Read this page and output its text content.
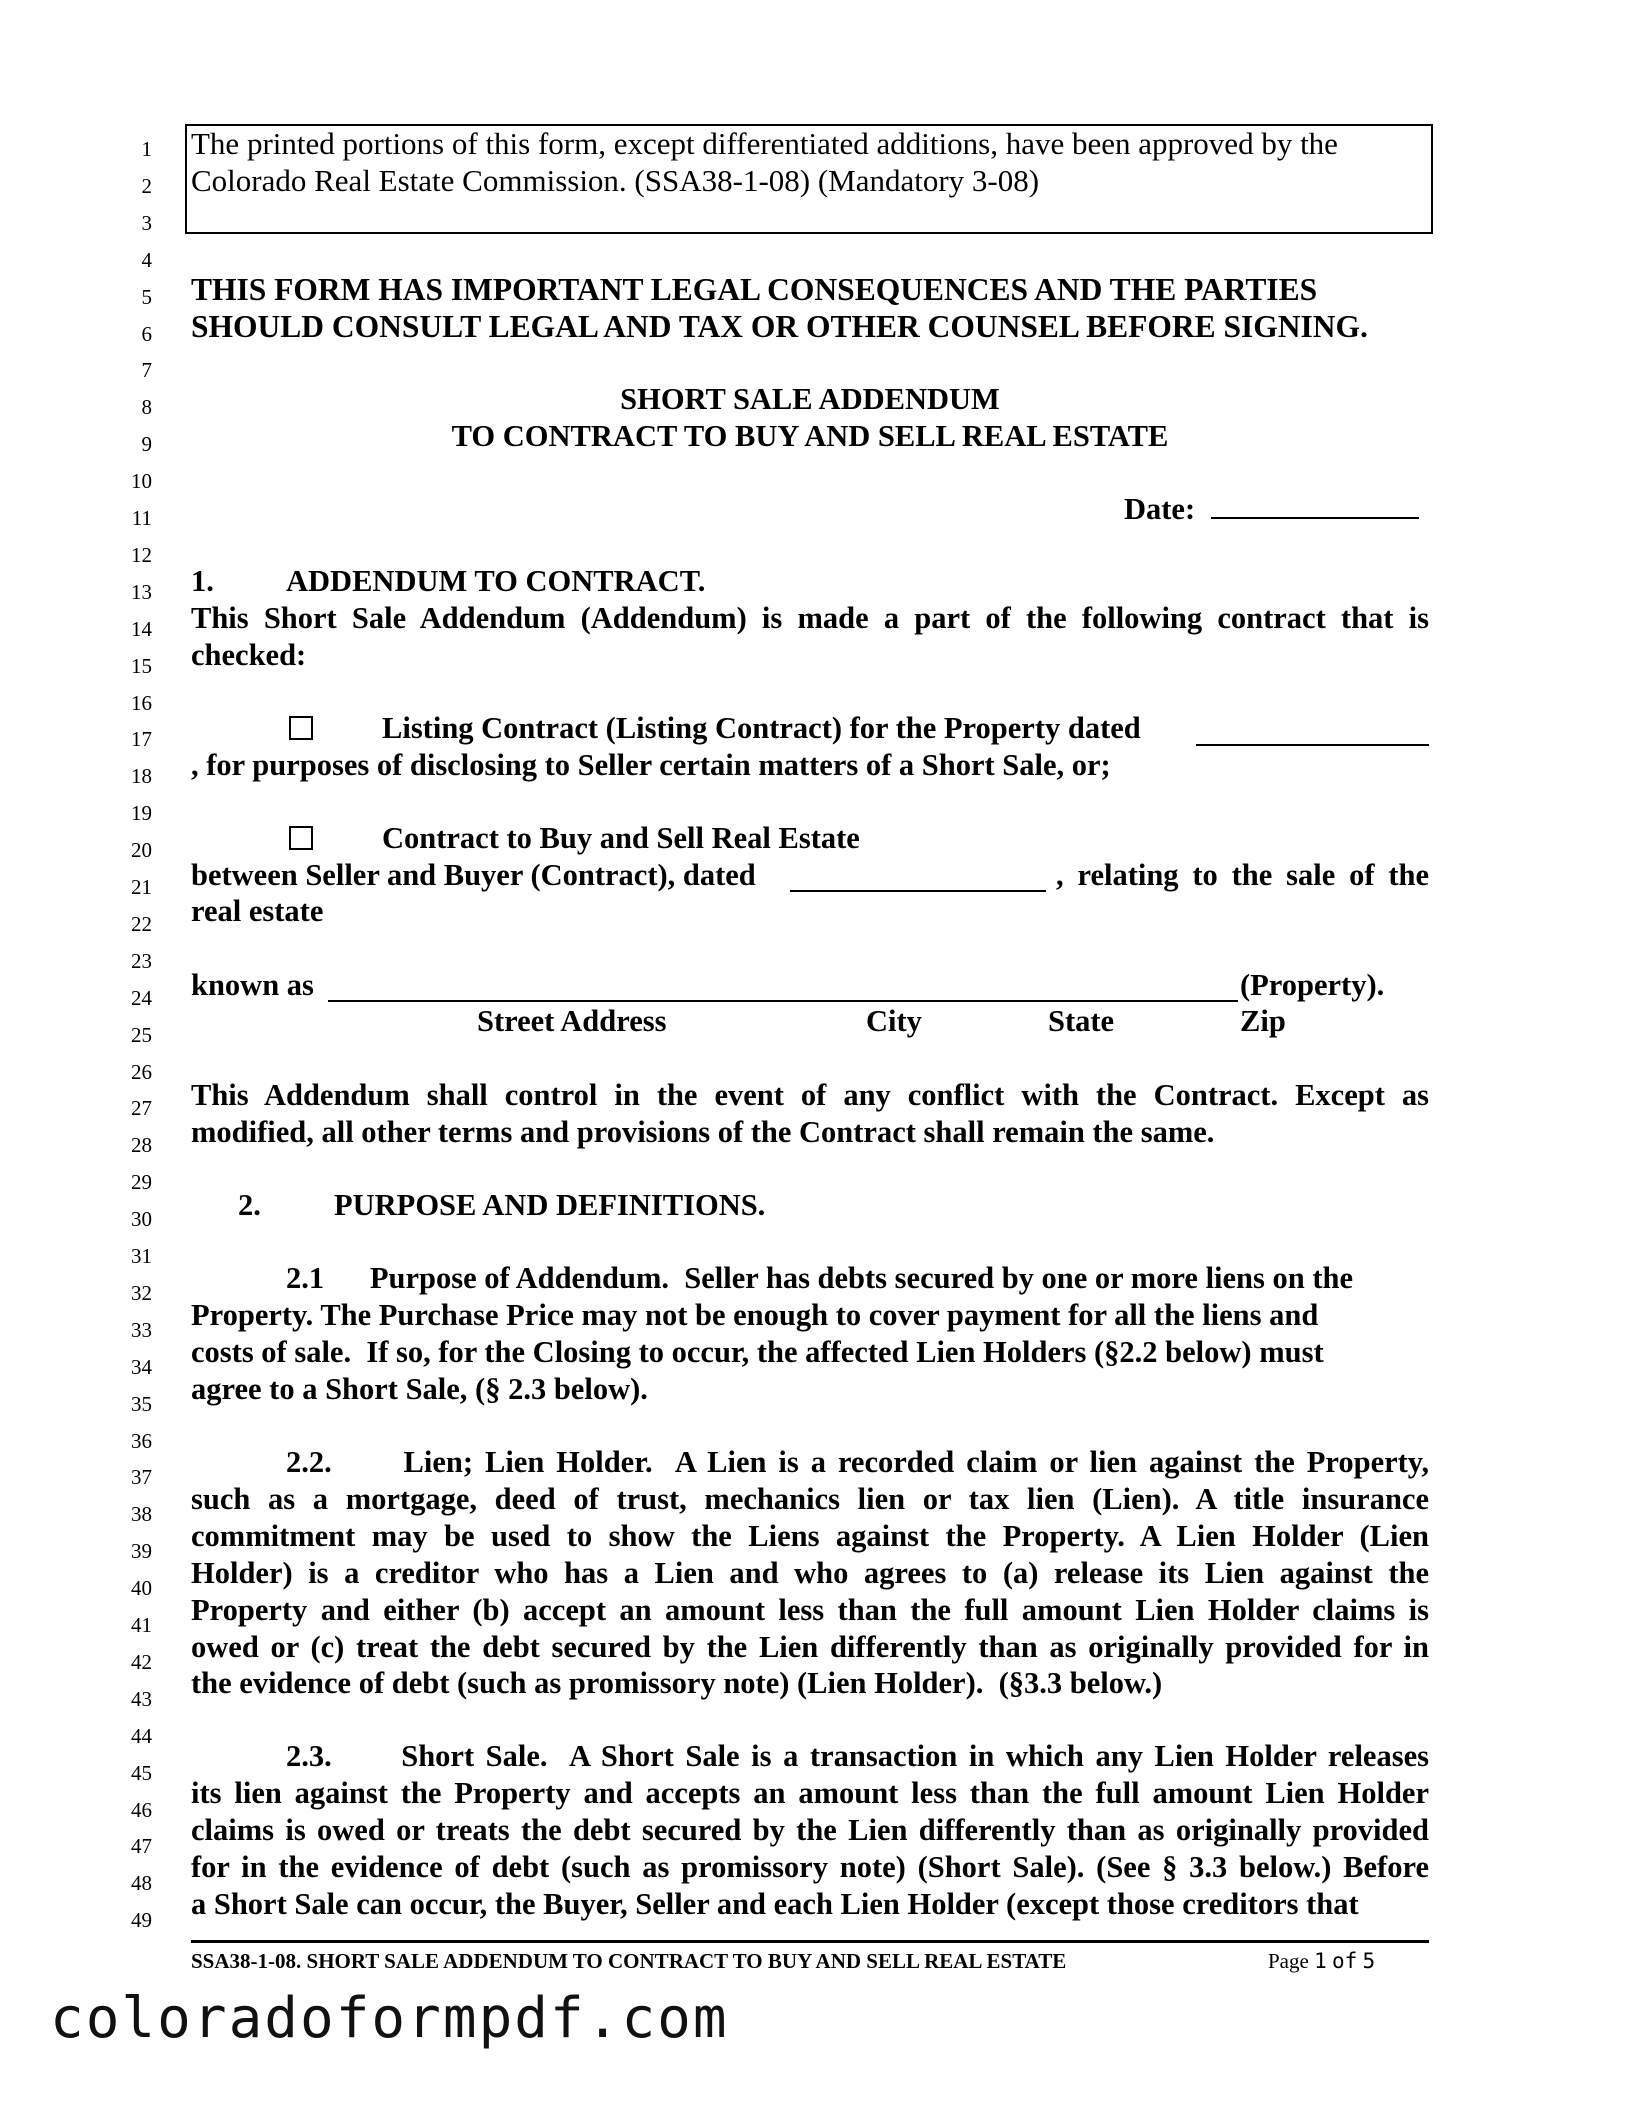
1
2
3
4
5
6
7
8
9
10
11
12
13
14
15
16
17
18
19
20
21
22
23
24
25
26
27
28
29
30
31
32
33
34
35
36
37
38
39
40
41
42
43
44
45
46
47
48
49
The printed portions of this form, except differentiated additions, have been approved by the
Colorado Real Estate Commission. (SSA38-1-08) (Mandatory 3-08)
THIS FORM HAS IMPORTANT LEGAL CONSEQUENCES AND THE PARTIES
SHOULD CONSULT LEGAL AND TAX OR OTHER COUNSEL BEFORE SIGNING.
SHORT SALE ADDENDUM
TO CONTRACT TO BUY AND SELL REAL ESTATE
Date:
1. ADDENDUM TO CONTRACT.
This Short Sale Addendum (Addendum) is made a part of the following contract that is
checked:
Listing Contract (Listing Contract) for the Property dated
, for purposes of disclosing to Seller certain matters of a Short Sale, or;
Contract to Buy and Sell Real Estate
between Seller and Buyer (Contract), dated	, relating to the sale of the
real estate
known as	(Property).
Street Address	City	State	Zip
This Addendum shall control in the event of any conflict with the Contract. Except as
modified, all other terms and provisions of the Contract shall remain the same.
2. PURPOSE AND DEFINITIONS.
2.1      Purpose of Addendum.  Seller has debts secured by one or more liens on the
Property. The Purchase Price may not be enough to cover payment for all the liens and
costs of sale.  If so, for the Closing to occur, the affected Lien Holders (§2.2 below) must
agree to a Short Sale, (§ 2.3 below).
2.2.      Lien; Lien Holder.  A Lien is a recorded claim or lien against the Property,
such as a mortgage, deed of trust, mechanics lien or tax lien (Lien). A title insurance
commitment may be used to show the Liens against the Property. A Lien Holder (Lien
Holder) is a creditor who has a Lien and who agrees to (a) release its Lien against the
Property and either (b) accept an amount less than the full amount Lien Holder claims is
owed or (c) treat the debt secured by the Lien differently than as originally provided for in
the evidence of debt (such as promissory note) (Lien Holder).  (§3.3 below.)
2.3.      Short Sale.  A Short Sale is a transaction in which any Lien Holder releases
its lien against the Property and accepts an amount less than the full amount Lien Holder
claims is owed or treats the debt secured by the Lien differently than as originally provided
for in the evidence of debt (such as promissory note) (Short Sale). (See § 3.3 below.) Before
a Short Sale can occur, the Buyer, Seller and each Lien Holder (except those creditors that
SSA38-1-08. SHORT SALE ADDENDUM TO CONTRACT TO BUY AND SELL REAL ESTATE	Page 1 of 5
coloradoformpdf.com
